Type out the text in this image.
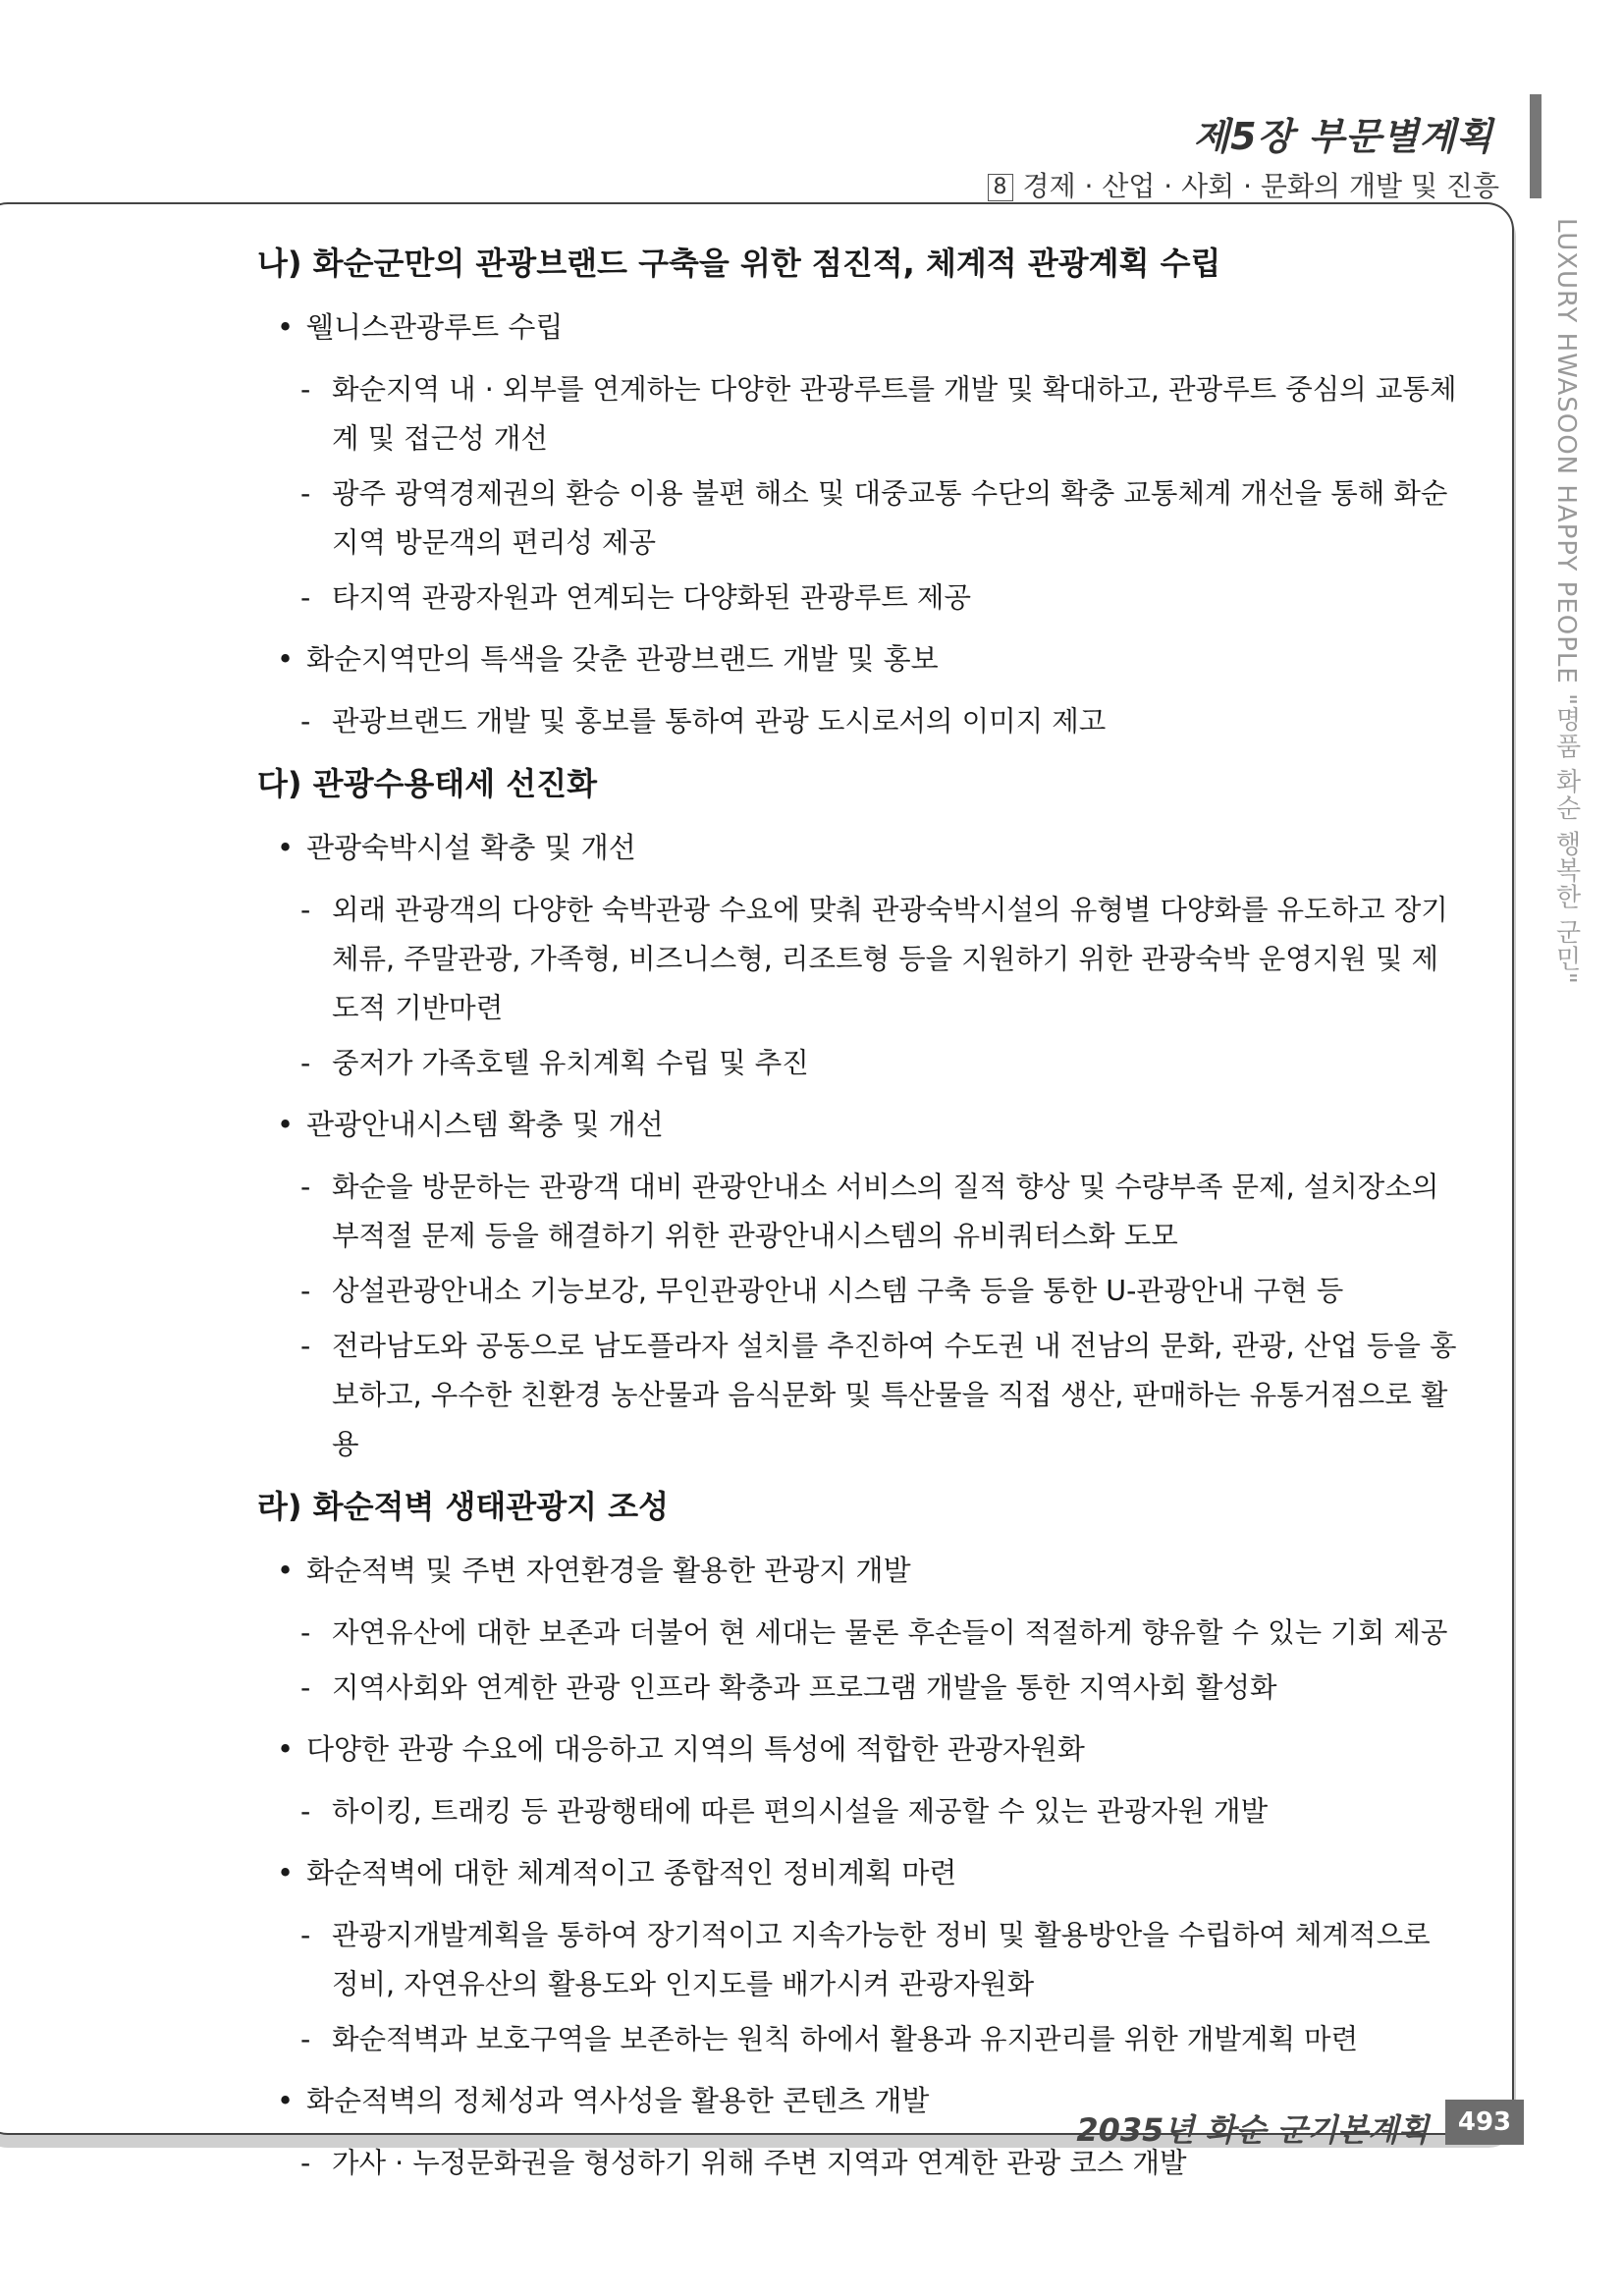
제5장 부문별계획
8 경제 · 산업 · 사회 · 문화의 개발 및 진흥
LUXURY HWASOON HAPPY PEOPLE "명품 화순 행복한 군민"
나) 화순군만의 관광브랜드 구축을 위한 점진적, 체계적 관광계획 수립
• 웰니스관광루트 수립
- 화순지역 내 · 외부를 연계하는 다양한 관광루트를 개발 및 확대하고, 관광루트 중심의 교통체계 및 접근성 개선
- 광주 광역경제권의 환승 이용 불편 해소 및 대중교통 수단의 확충 교통체계 개선을 통해 화순 지역 방문객의 편리성 제공
- 타지역 관광자원과 연계되는 다양화된 관광루트 제공
• 화순지역만의 특색을 갖춘 관광브랜드 개발 및 홍보
- 관광브랜드 개발 및 홍보를 통하여 관광 도시로서의 이미지 제고
다) 관광수용태세 선진화
• 관광숙박시설 확충 및 개선
- 외래 관광객의 다양한 숙박관광 수요에 맞춰 관광숙박시설의 유형별 다양화를 유도하고 장기 체류, 주말관광, 가족형, 비즈니스형, 리조트형 등을 지원하기 위한 관광숙박 운영지원 및 제도적 기반마련
- 중저가 가족호텔 유치계획 수립 및 추진
• 관광안내시스템 확충 및 개선
- 화순을 방문하는 관광객 대비 관광안내소 서비스의 질적 향상 및 수량부족 문제, 설치장소의 부적절 문제 등을 해결하기 위한 관광안내시스템의 유비쿼터스화 도모
- 상설관광안내소 기능보강, 무인관광안내 시스템 구축 등을 통한 U-관광안내 구현 등
- 전라남도와 공동으로 남도플라자 설치를 추진하여 수도권 내 전남의 문화, 관광, 산업 등을 홍보하고, 우수한 친환경 농산물과 음식문화 및 특산물을 직접 생산, 판매하는 유통거점으로 활용
라) 화순적벽 생태관광지 조성
• 화순적벽 및 주변 자연환경을 활용한 관광지 개발
- 자연유산에 대한 보존과 더불어 현 세대는 물론 후손들이 적절하게 향유할 수 있는 기회 제공
- 지역사회와 연계한 관광 인프라 확충과 프로그램 개발을 통한 지역사회 활성화
• 다양한 관광 수요에 대응하고 지역의 특성에 적합한 관광자원화
- 하이킹, 트래킹 등 관광행태에 따른 편의시설을 제공할 수 있는 관광자원 개발
• 화순적벽에 대한 체계적이고 종합적인 정비계획 마련
- 관광지개발계획을 통하여 장기적이고 지속가능한 정비 및 활용방안을 수립하여 체계적으로 정비, 자연유산의 활용도와 인지도를 배가시켜 관광자원화
- 화순적벽과 보호구역을 보존하는 원칙 하에서 활용과 유지관리를 위한 개발계획 마련
• 화순적벽의 정체성과 역사성을 활용한 콘텐츠 개발
- 가사 · 누정문화권을 형성하기 위해 주변 지역과 연계한 관광 코스 개발
2035년 화순 군기본계획	493
